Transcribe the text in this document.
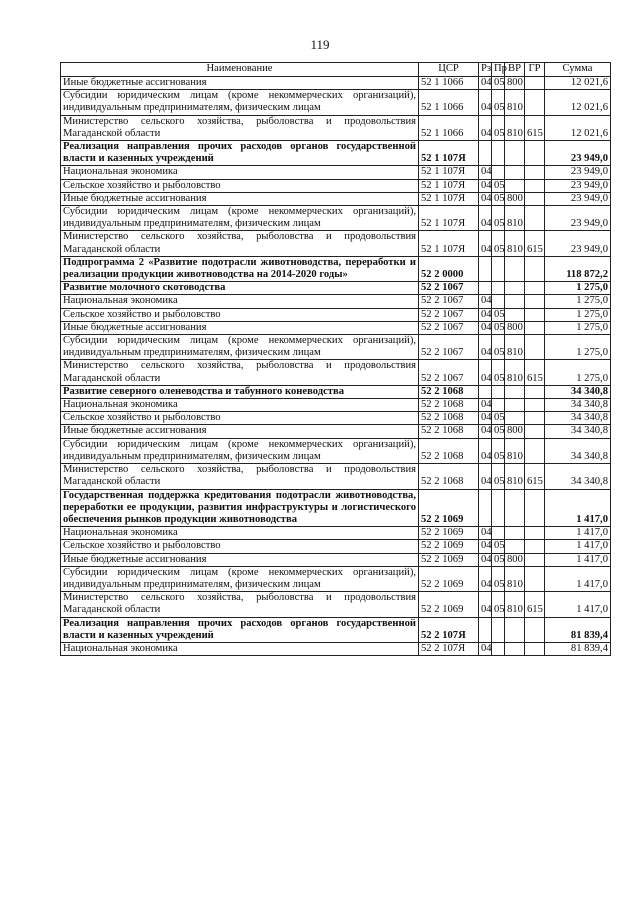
119
Наименование	ЦСР	Рз	Пр	ВР	ГР	Сумма
Иные бюджетные ассигнования	52 1 1066	04	05	800		12 021,6
Субсидии юридическим лицам (кроме некоммерческих организаций), индивидуальным предпринимателям, физическим лицам	52 1 1066	04	05	810		12 021,6
Министерство сельского хозяйства, рыболовства и продовольствия Магаданской области	52 1 1066	04	05	810	615	12 021,6
Реализация направления прочих расходов органов государственной власти и казенных учреждений	52 1 107Я					23 949,0
Национальная экономика	52 1 107Я	04				23 949,0
Сельское хозяйство и рыболовство	52 1 107Я	04	05			23 949,0
Иные бюджетные ассигнования	52 1 107Я	04	05	800		23 949,0
Субсидии юридическим лицам (кроме некоммерческих организаций), индивидуальным предпринимателям, физическим лицам	52 1 107Я	04	05	810		23 949,0
Министерство сельского хозяйства, рыболовства и продовольствия Магаданской области	52 1 107Я	04	05	810	615	23 949,0
Подпрограмма 2 «Развитие подотрасли животноводства, переработки и реализации продукции животноводства на 2014-2020 годы»	52 2 0000					118 872,2
Развитие молочного скотоводства	52 2 1067					1 275,0
Национальная экономика	52 2 1067	04				1 275,0
Сельское хозяйство и рыболовство	52 2 1067	04	05			1 275,0
Иные бюджетные ассигнования	52 2 1067	04	05	800		1 275,0
Субсидии юридическим лицам (кроме некоммерческих организаций), индивидуальным предпринимателям, физическим лицам	52 2 1067	04	05	810		1 275,0
Министерство сельского хозяйства, рыболовства и продовольствия Магаданской области	52 2 1067	04	05	810	615	1 275,0
Развитие северного оленеводства и табунного коневодства	52 2 1068					34 340,8
Национальная экономика	52 2 1068	04				34 340,8
Сельское хозяйство и рыболовство	52 2 1068	04	05			34 340,8
Иные бюджетные ассигнования	52 2 1068	04	05	800		34 340,8
Субсидии юридическим лицам (кроме некоммерческих организаций), индивидуальным предпринимателям, физическим лицам	52 2 1068	04	05	810		34 340,8
Министерство сельского хозяйства, рыболовства и продовольствия Магаданской области	52 2 1068	04	05	810	615	34 340,8
Государственная поддержка кредитования подотрасли животноводства, переработки ее продукции, развития инфраструктуры и логистического обеспечения рынков продукции животноводства	52 2 1069					1 417,0
Национальная экономика	52 2 1069	04				1 417,0
Сельское хозяйство и рыболовство	52 2 1069	04	05			1 417,0
Иные бюджетные ассигнования	52 2 1069	04	05	800		1 417,0
Субсидии юридическим лицам (кроме некоммерческих организаций), индивидуальным предпринимателям, физическим лицам	52 2 1069	04	05	810		1 417,0
Министерство сельского хозяйства, рыболовства и продовольствия Магаданской области	52 2 1069	04	05	810	615	1 417,0
Реализация направления прочих расходов органов государственной власти и казенных учреждений	52 2 107Я					81 839,4
Национальная экономика	52 2 107Я	04				81 839,4
